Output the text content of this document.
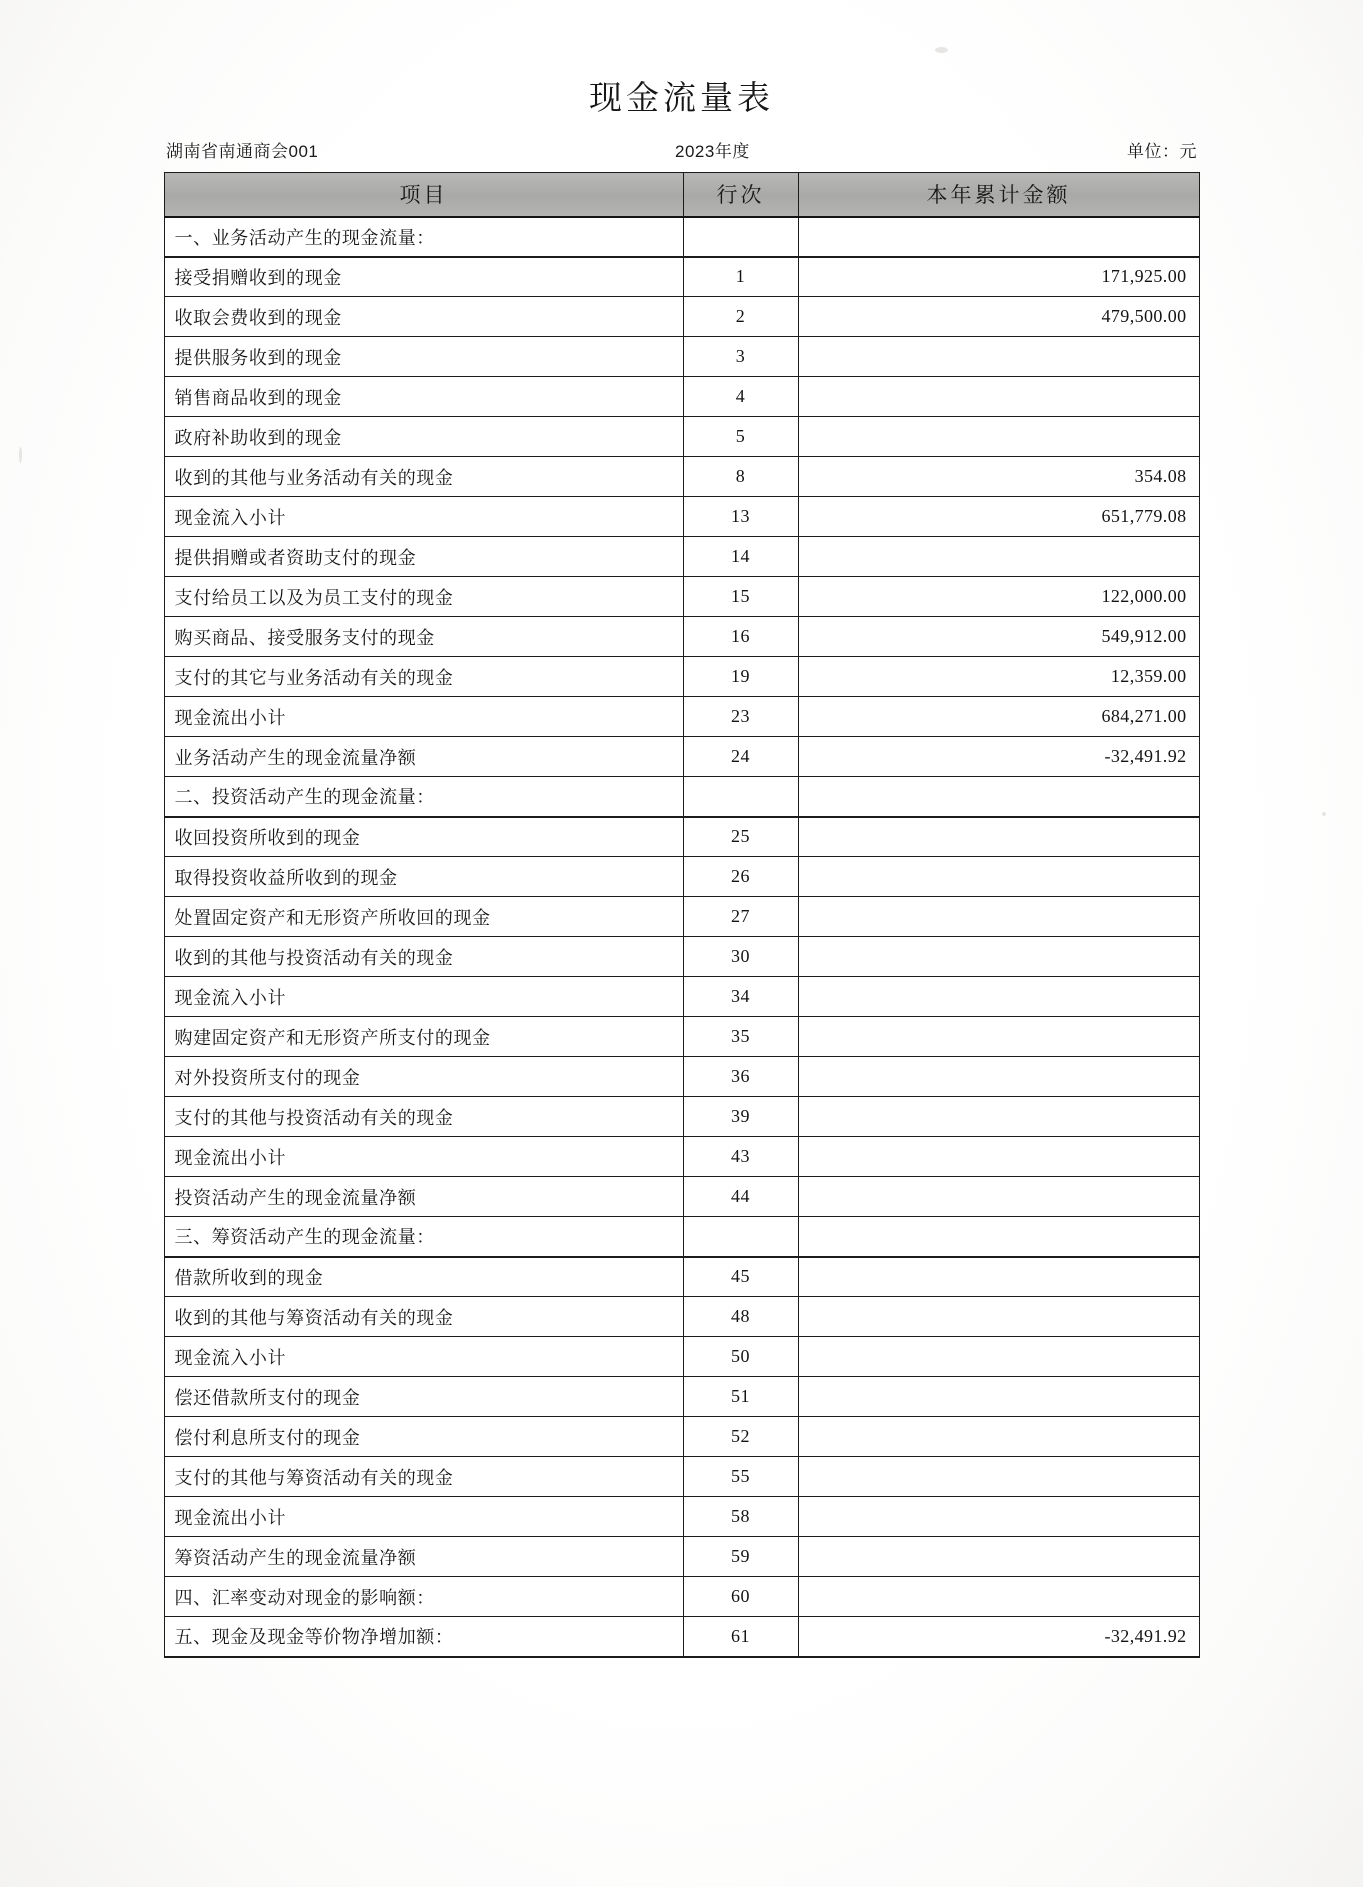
现金流量表
湖南省南通商会001	2023年度	单位：元
项目	行次	本年累计金额
一、业务活动产生的现金流量：		
接受捐赠收到的现金	1	171,925.00
收取会费收到的现金	2	479,500.00
提供服务收到的现金	3	
销售商品收到的现金	4	
政府补助收到的现金	5	
收到的其他与业务活动有关的现金	8	354.08
现金流入小计	13	651,779.08
提供捐赠或者资助支付的现金	14	
支付给员工以及为员工支付的现金	15	122,000.00
购买商品、接受服务支付的现金	16	549,912.00
支付的其它与业务活动有关的现金	19	12,359.00
现金流出小计	23	684,271.00
业务活动产生的现金流量净额	24	-32,491.92
二、投资活动产生的现金流量：		
收回投资所收到的现金	25	
取得投资收益所收到的现金	26	
处置固定资产和无形资产所收回的现金	27	
收到的其他与投资活动有关的现金	30	
现金流入小计	34	
购建固定资产和无形资产所支付的现金	35	
对外投资所支付的现金	36	
支付的其他与投资活动有关的现金	39	
现金流出小计	43	
投资活动产生的现金流量净额	44	
三、筹资活动产生的现金流量：		
借款所收到的现金	45	
收到的其他与筹资活动有关的现金	48	
现金流入小计	50	
偿还借款所支付的现金	51	
偿付利息所支付的现金	52	
支付的其他与筹资活动有关的现金	55	
现金流出小计	58	
筹资活动产生的现金流量净额	59	
四、汇率变动对现金的影响额：	60	
五、现金及现金等价物净增加额：	61	-32,491.92
